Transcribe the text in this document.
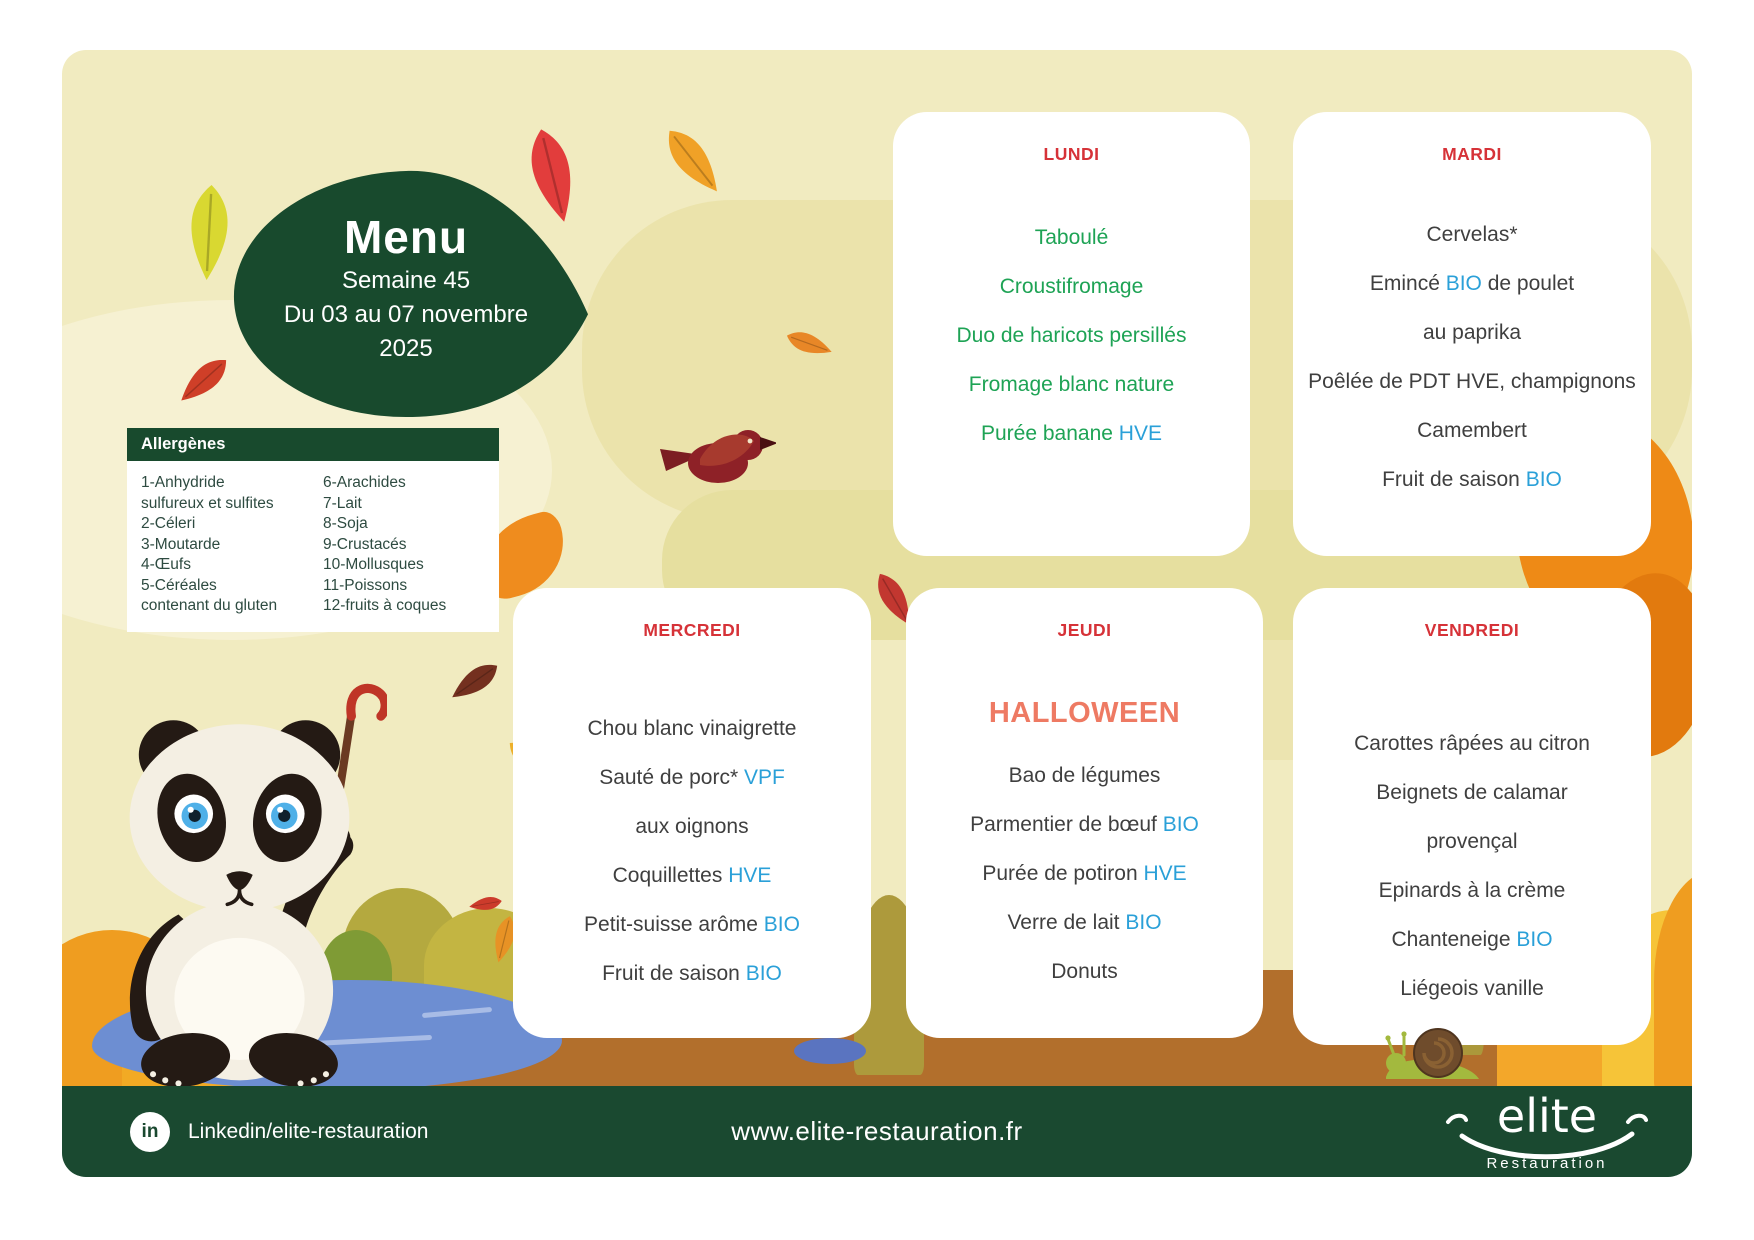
Menu
Semaine 45
Du 03 au 07 novembre
2025
Allergènes
1-Anhydride
sulfureux et sulfites
2-Céleri
3-Moutarde
4-Œufs
5-Céréales
contenant du gluten
6-Arachides
7-Lait
8-Soja
9-Crustacés
10-Mollusques
11-Poissons
12-fruits à coques
LUNDI
Taboulé
Croustifromage
Duo de haricots persillés
Fromage blanc nature
Purée banane HVE
MARDI
Cervelas*
Emincé BIO de poulet
au paprika
Poêlée de PDT HVE, champignons
Camembert
Fruit de saison BIO
MERCREDI
Chou blanc vinaigrette
Sauté de porc* VPF
aux oignons
Coquillettes HVE
Petit-suisse arôme BIO
Fruit de saison BIO
JEUDI
HALLOWEEN
Bao de légumes
Parmentier de bœuf BIO
Purée de potiron HVE
Verre de lait BIO
Donuts
VENDREDI
Carottes râpées au citron
Beignets de calamar
provençal
Epinards à la crème
Chanteneige BIO
Liégeois vanille
in	Linkedin/elite-restauration	www.elite-restauration.fr	elite
Restauration
